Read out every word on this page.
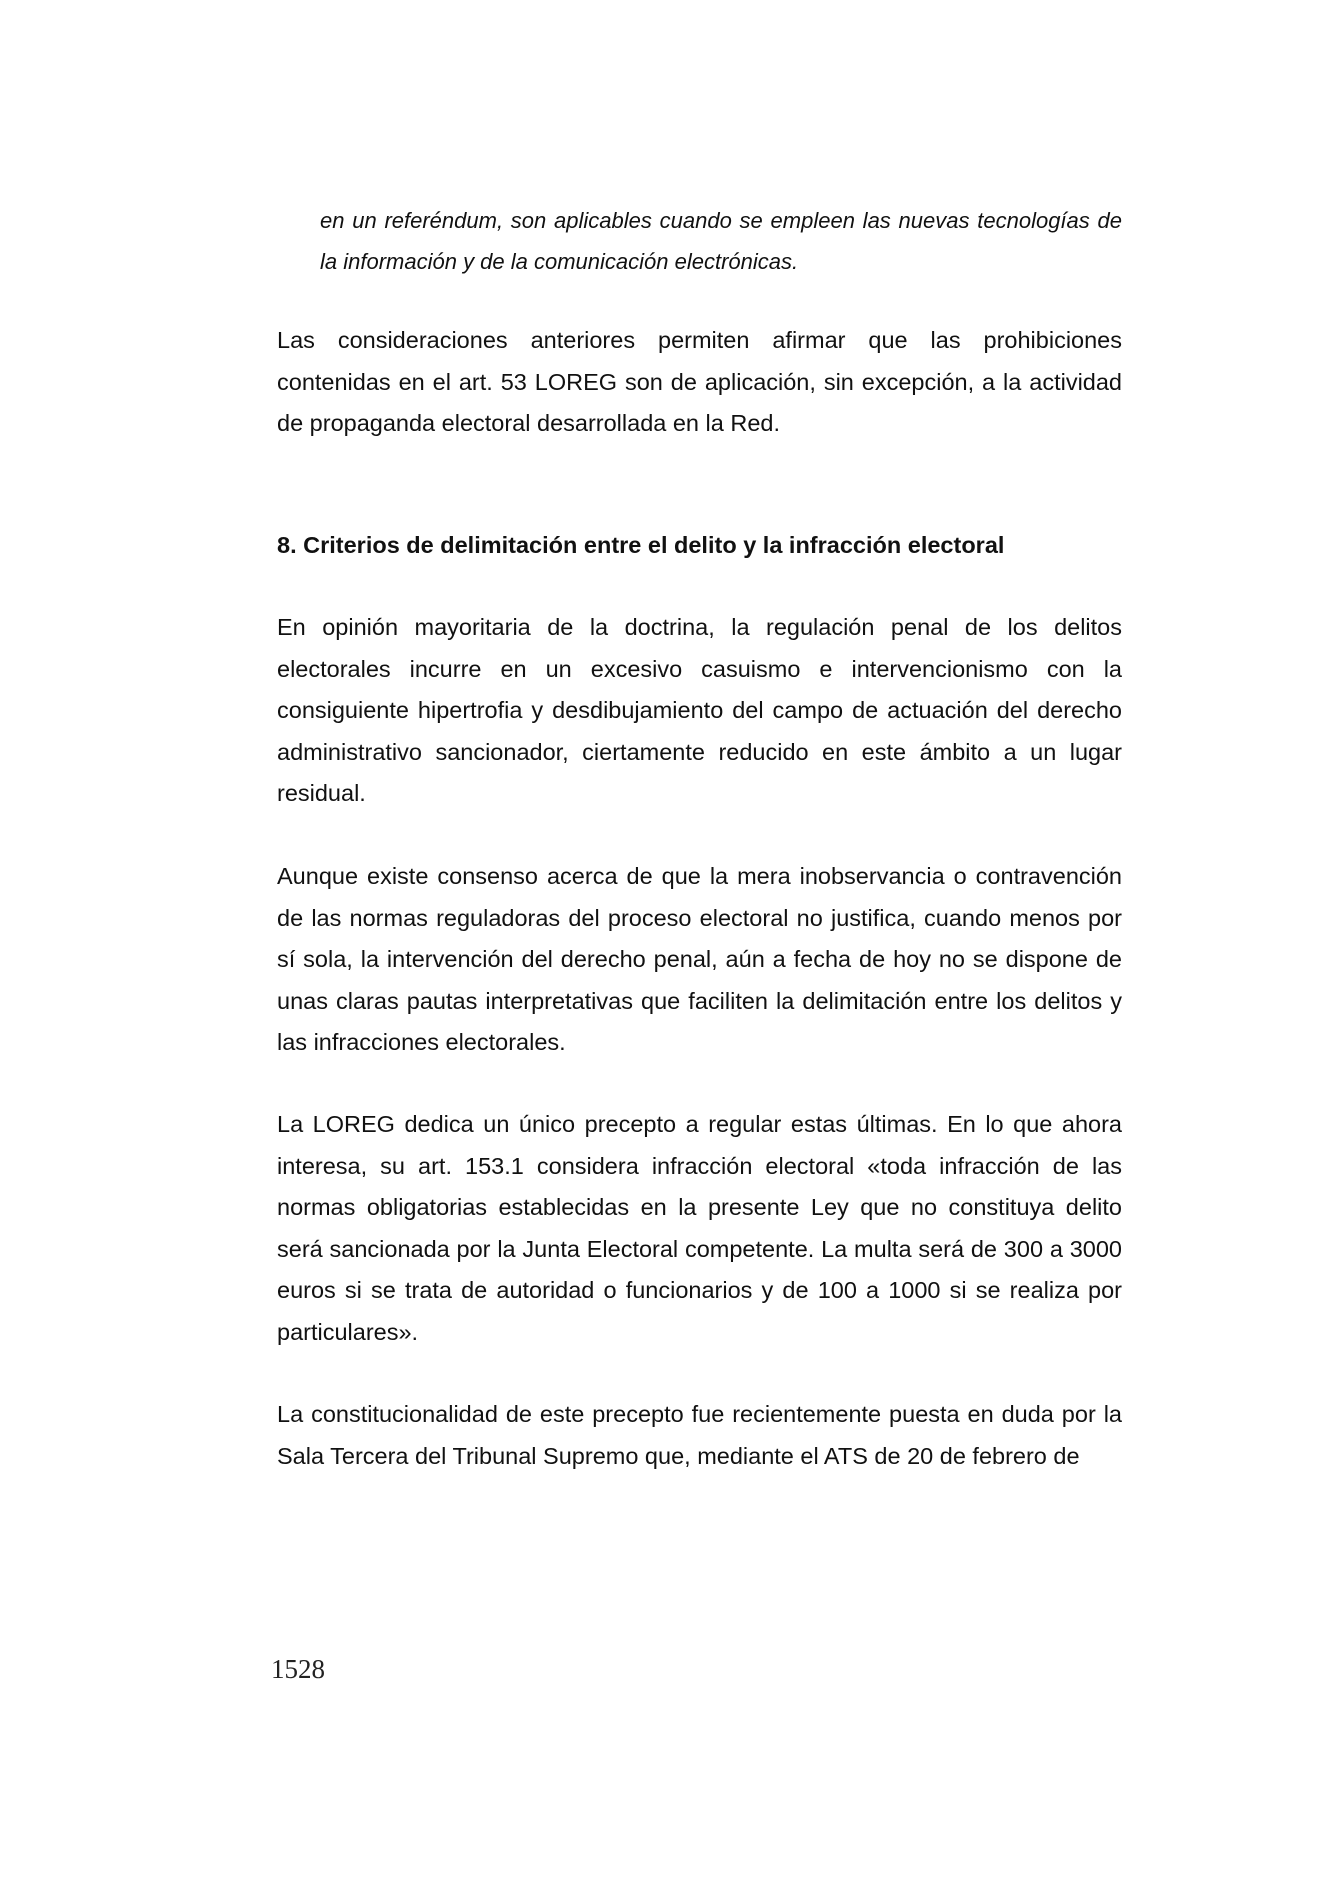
en un referéndum, son aplicables cuando se empleen las nuevas tecnologías de la información y de la comunicación electrónicas.

Las consideraciones anteriores permiten afirmar que las prohibiciones contenidas en el art. 53 LOREG son de aplicación, sin excepción, a la actividad de propaganda electoral desarrollada en la Red.

8. Criterios de delimitación entre el delito y la infracción electoral

En opinión mayoritaria de la doctrina, la regulación penal de los delitos electorales incurre en un excesivo casuismo e intervencionismo con la consiguiente hipertrofia y desdibujamiento del campo de actuación del derecho administrativo sancionador, ciertamente reducido en este ámbito a un lugar residual.

Aunque existe consenso acerca de que la mera inobservancia o contravención de las normas reguladoras del proceso electoral no justifica, cuando menos por sí sola, la intervención del derecho penal, aún a fecha de hoy no se dispone de unas claras pautas interpretativas que faciliten la delimitación entre los delitos y las infracciones electorales.

La LOREG dedica un único precepto a regular estas últimas. En lo que ahora interesa, su art. 153.1 considera infracción electoral «toda infracción de las normas obligatorias establecidas en la presente Ley que no constituya delito será sancionada por la Junta Electoral competente. La multa será de 300 a 3000 euros si se trata de autoridad o funcionarios y de 100 a 1000 si se realiza por particulares».

La constitucionalidad de este precepto fue recientemente puesta en duda por la Sala Tercera del Tribunal Supremo que, mediante el ATS de 20 de febrero de

1528
